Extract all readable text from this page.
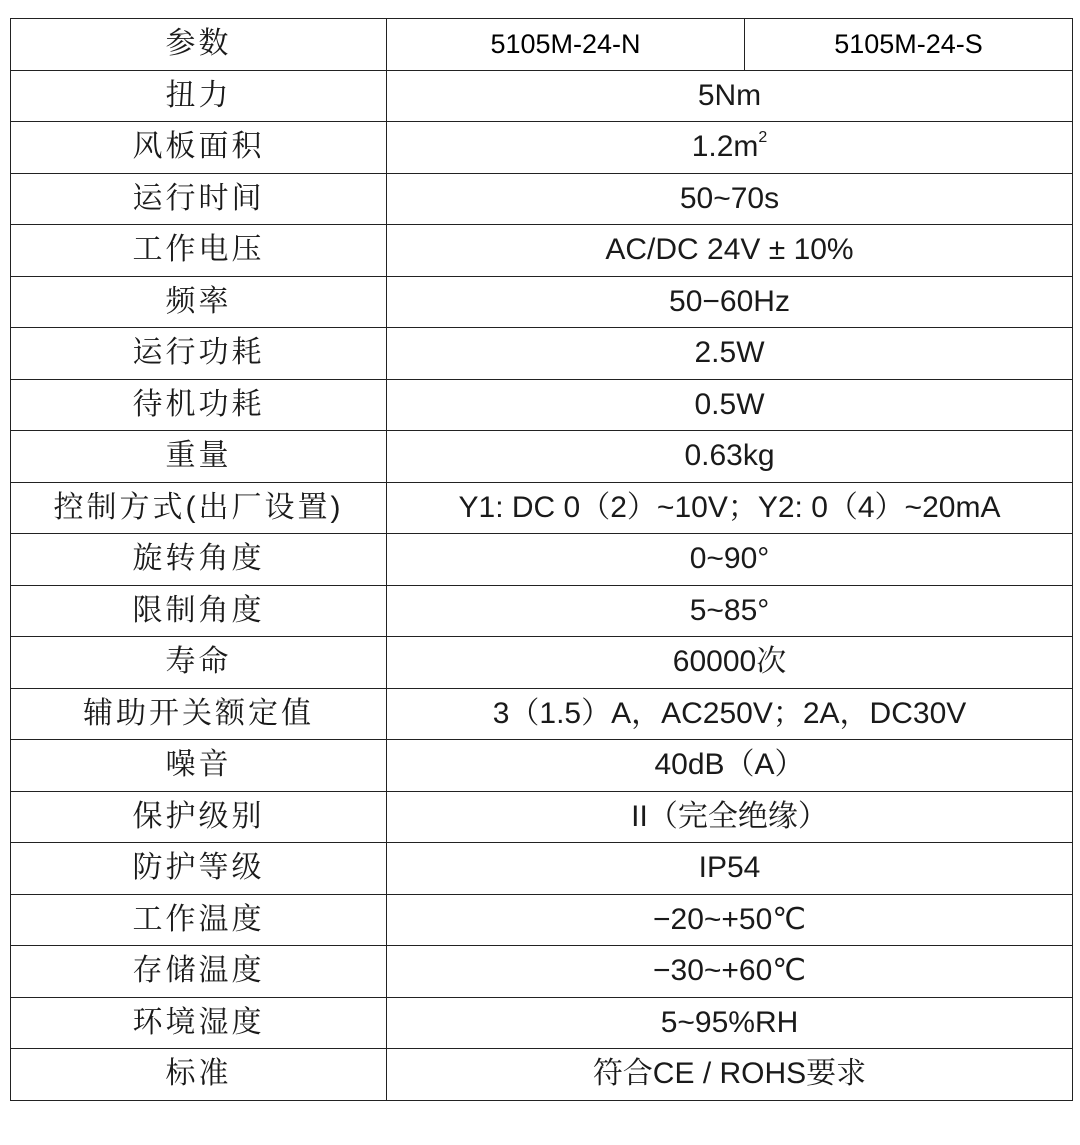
参数	5105M-24-N	5105M-24-S
扭力	5Nm	
风板面积	$1.2m^2$
运行时间	50~70s	
工作电压	AC/DC 24V ± 10%	
频率	50−60Hz	
运行功耗	2.5W	
待机功耗	0.5W	
重量	0.63kg	
控制方式(出厂设置)	Y1: DC 0（2）~10V；Y2: 0（4）~20mA	
旋转角度	0~90°	
限制角度	5~85°	
寿命	60000次	
辅助开关额定值	3（1.5）A，AC250V；2A，DC30V	
噪音	40dB（A）	
保护级别	II（完全绝缘）	
防护等级	IP54	
工作温度	−20~+50℃	
存储温度	−30~+60℃	
环境湿度	5~95%RH	
标准	符合CE / ROHS要求	
